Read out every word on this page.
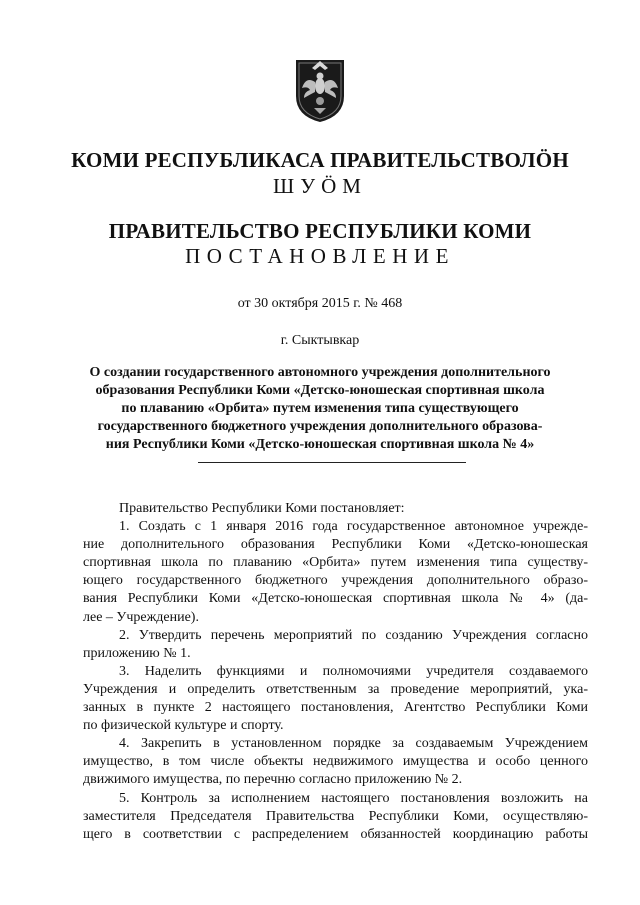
КОМИ РЕСПУБЛИКАСА ПРАВИТЕЛЬСТВОЛӦН
ШУӦМ
ПРАВИТЕЛЬСТВО РЕСПУБЛИКИ КОМИ
ПОСТАНОВЛЕНИЕ
от 30 октября 2015 г. № 468
г. Сыктывкар
О создании государственного автономного учреждения дополнительного
образования Республики Коми «Детско-юношеская спортивная школа
по плаванию «Орбита» путем изменения типа существующего
государственного бюджетного учреждения дополнительного образова-
ния Республики Коми «Детско-юношеская спортивная школа № 4»
Правительство Республики Коми постановляет:
1. Создать с 1 января 2016 года государственное автономное учрежде-
ние дополнительного образования Республики Коми «Детско-юношеская
спортивная школа по плаванию «Орбита» путем изменения типа существу-
ющего государственного бюджетного учреждения дополнительного образо-
вания Республики Коми «Детско-юношеская спортивная школа № 4» (да-
лее – Учреждение).
2. Утвердить перечень мероприятий по созданию Учреждения согласно
приложению № 1.
3. Наделить функциями и полномочиями учредителя создаваемого
Учреждения и определить ответственным за проведение мероприятий, ука-
занных в пункте 2 настоящего постановления, Агентство Республики Коми
по физической культуре и спорту.
4. Закрепить в установленном порядке за создаваемым Учреждением
имущество, в том числе объекты недвижимого имущества и особо ценного
движимого имущества, по перечню согласно приложению № 2.
5. Контроль за исполнением настоящего постановления возложить на
заместителя Председателя Правительства Республики Коми, осуществляю-
щего в соответствии с распределением обязанностей координацию работы
